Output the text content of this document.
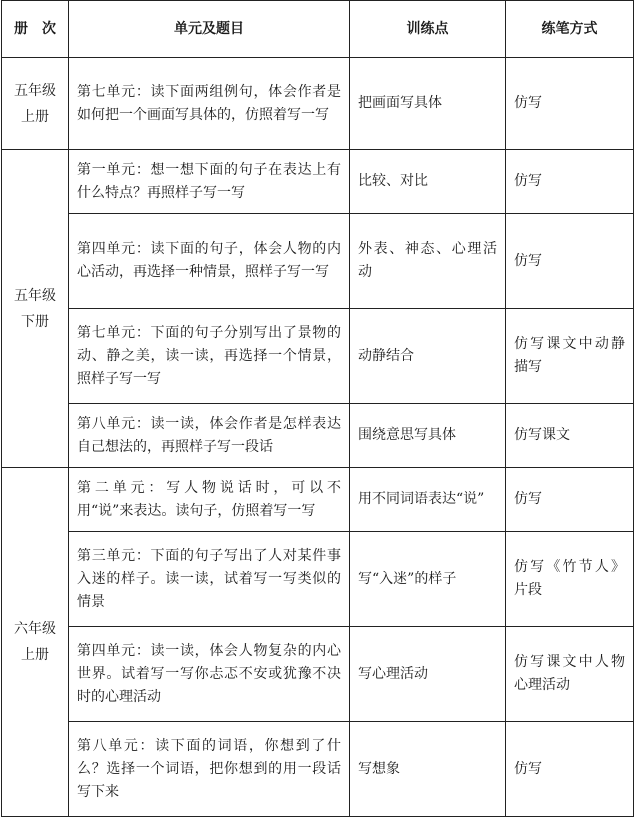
册　次	单元及题目	训练点	练笔方式

五年级上册	第七单元：读下面两组例句，体会作者是如何把一个画面写具体的，仿照着写一写	把画面写具体	仿写

五年级下册	第一单元：想一想下面的句子在表达上有什么特点？再照样子写一写	比较、对比	仿写
	第四单元：读下面的句子，体会人物的内心活动，再选择一种情景，照样子写一写	外表、神态、心理活动	仿写
	第七单元：下面的句子分别写出了景物的动、静之美，读一读，再选择一个情景，照样子写一写	动静结合	仿写课文中动静描写
	第八单元：读一读，体会作者是怎样表达自己想法的，再照样子写一段话	围绕意思写具体	仿写课文

六年级上册	第二单元：写人物说话时，可以不用“说”来表达。读句子，仿照着写一写	用不同词语表达“说”	仿写
	第三单元：下面的句子写出了人对某件事入迷的样子。读一读，试着写一写类似的情景	写“入迷”的样子	仿写《竹节人》片段
	第四单元：读一读，体会人物复杂的内心世界。试着写一写你忐忑不安或犹豫不决时的心理活动	写心理活动	仿写课文中人物心理活动
	第八单元：读下面的词语，你想到了什么？选择一个词语，把你想到的用一段话写下来	写想象	仿写
